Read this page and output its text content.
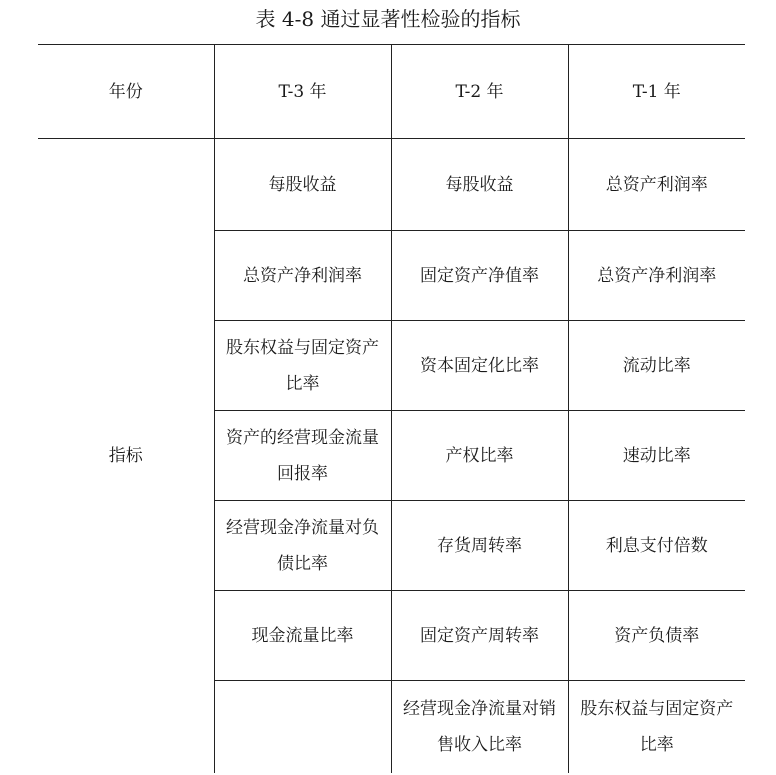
表 4-8 通过显著性检验的指标
年份	T-3 年	T-2 年	T-1 年
指标	每股收益	每股收益	总资产利润率
	总资产净利润率	固定资产净值率	总资产净利润率
	股东权益与固定资产比率	资本固定化比率	流动比率
	资产的经营现金流量回报率	产权比率	速动比率
	经营现金净流量对负债比率	存货周转率	利息支付倍数
	现金流量比率	固定资产周转率	资产负债率
		经营现金净流量对销售收入比率	股东权益与固定资产比率
